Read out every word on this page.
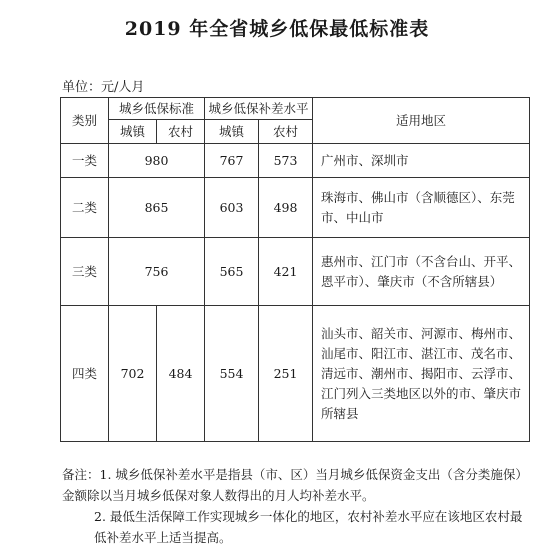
2019 年全省城乡低保最低标准表
单位：元/人月
类别	城乡低保标准		城乡低保补差水平		适用地区
	城镇	农村	城镇	农村	
一类	980		767	573	广州市、深圳市
二类	865		603	498	珠海市、佛山市（含顺德区）、东莞市、中山市
三类	756		565	421	惠州市、江门市（不含台山、开平、恩平市）、肇庆市（不含所辖县）
四类	702	484	554	251	汕头市、韶关市、河源市、梅州市、汕尾市、阳江市、湛江市、茂名市、清远市、潮州市、揭阳市、云浮市、江门列入三类地区以外的市、肇庆市所辖县

备注：1. 城乡低保补差水平是指县（市、区）当月城乡低保资金支出（含分类施保）金额除以当月城乡低保对象人数得出的月人均补差水平。

2. 最低生活保障工作实现城乡一体化的地区，农村补差水平应在该地区农村最低补差水平上适当提高。
